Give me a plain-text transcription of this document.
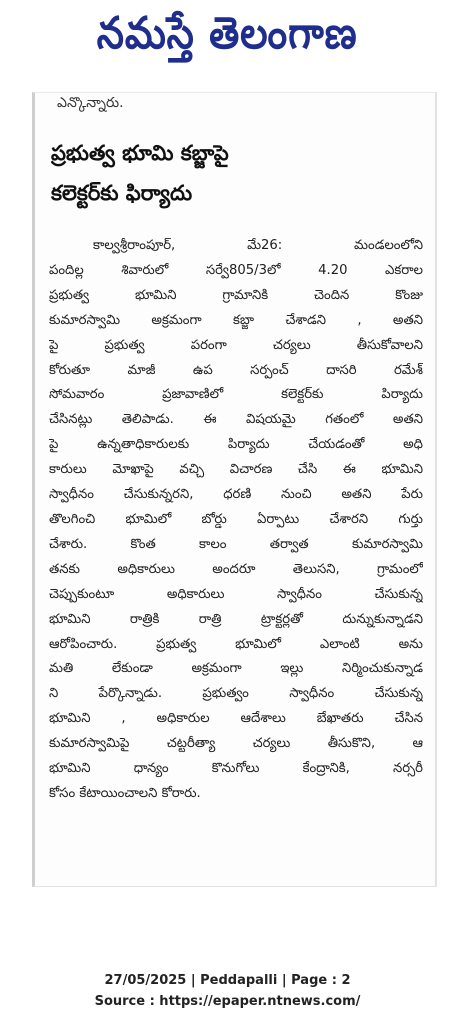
నమస్తే తెలంగాణ
ఎన్కొన్నారు.
ప్రభుత్వ భూమి కబ్జాపై
కలెక్టర్‌కు ఫిర్యాదు
కాల్వశ్రీరాంపూర్, మే26: మండలంలోని
పందిల్ల శివారులో సర్వే805/3లో 4.20 ఎకరాల
ప్రభుత్వ భూమిని గ్రామానికి చెందిన కొంజు
కుమారస్వామి అక్రమంగా కబ్జా చేశాడని , అతని
పై ప్రభుత్వ పరంగా చర్యలు తీసుకోవాలని
కోరుతూ మాజీ ఉప సర్పంచ్ దాసరి రమేశ్
సోమవారం ప్రజావాణిలో కలెక్టర్‌కు పిర్యాదు
చేసినట్లు తెలిపాడు. ఈ విషయమై గతంలో అతని
పై ఉన్నతాధికారులకు పిర్యాదు చేయడంతో అధి
కారులు మోఖాపై వచ్చి విచారణ చేసి ఈ భూమిని
స్వాధీనం చేసుకున్నరని, ధరణి నుంచి అతని పేరు
తొలగించి భూమిలో బోర్డు ఏర్పాటు చేశారని గుర్తు
చేశారు. కొంత కాలం తర్వాత కుమారస్వామి
తనకు అధికారులు అందరూ తెలుసని, గ్రామంలో
చెప్పుకుంటూ అధికారులు స్వాధీనం చేసుకున్న
భూమిని రాత్రికి రాత్రి ట్రాక్టర్లతో దున్నుకున్నాడని
ఆరోపించారు. ప్రభుత్వ భూమిలో ఎలాంటి అను
మతి లేకుండా అక్రమంగా ఇల్లు నిర్మించుకున్నాడ
ని పేర్కొన్నాడు. ప్రభుత్వం స్వాధీనం చేసుకున్న
భూమిని , అధికారుల ఆదేశాలు బేఖాతరు చేసిన
కుమారస్వామిపై చట్టరీత్యా చర్యలు తీసుకొని, ఆ
భూమిని ధాన్యం కొనుగోలు కేంద్రానికి, నర్సరీ
కోసం కేటాయించాలని కోరారు.
27/05/2025 | Peddapalli | Page : 2
Source : https://epaper.ntnews.com/
